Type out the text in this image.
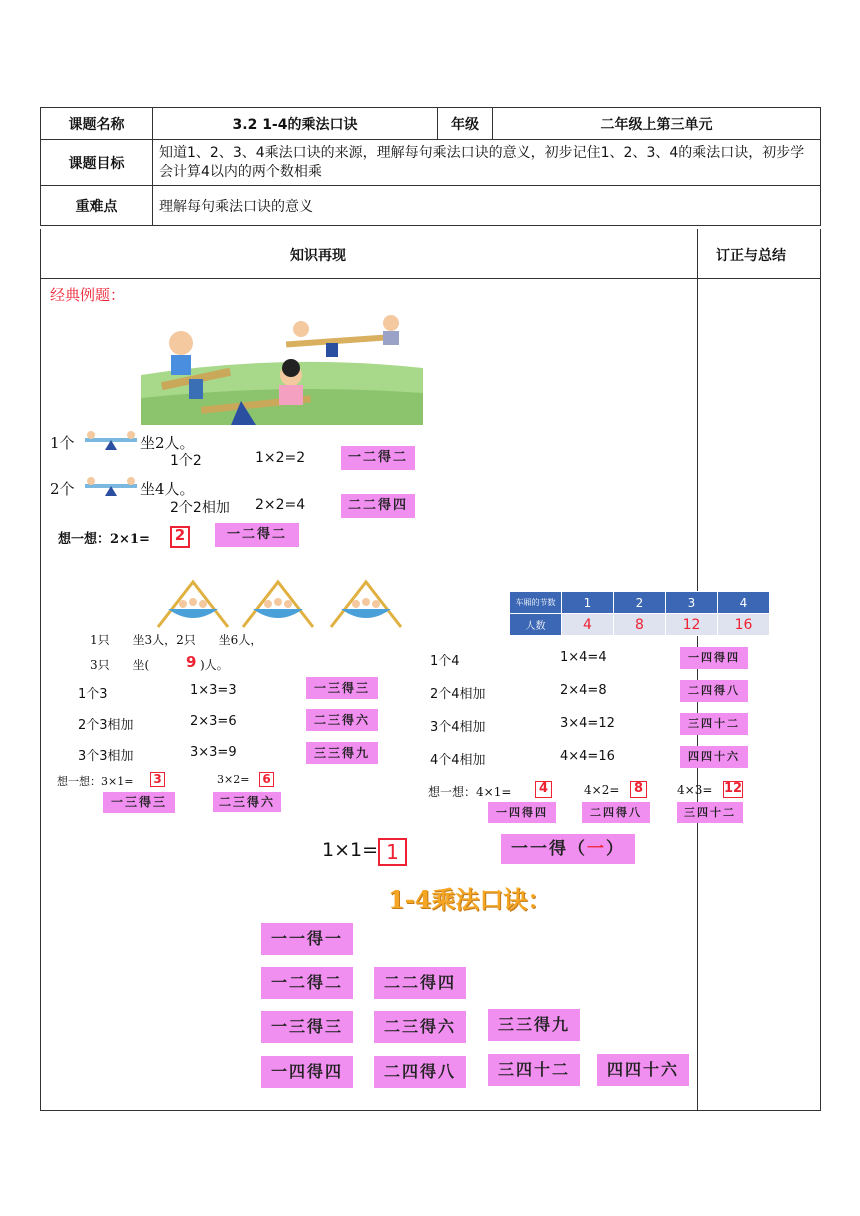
课题名称	3.2 1-4的乘法口诀	年级	二年级上第三单元
课题目标	知道1、2、3、4乘法口诀的来源，理解每句乘法口诀的意义，初步记住1、2、3、4的乘法口诀，初步学会计算4以内的两个数相乘		
重难点	理解每句乘法口诀的意义		
知识再现	订正与总结
经典例题：
1个	坐2人。
1个2	1×2=2	一二得二
2个	坐4人。
2个2相加 2×2=4	二二得四
想一想：2×1=	2	一二得二
1只      坐3人，2只      坐6人，
3只      坐( 9 )人。
1个3	1×3=3	一三得三
2个3相加	2×3=6	二三得六
3个3相加	3×3=9	三三得九
想一想：3×1= 3	3×2= 6
一三得三	二三得六
车厢的节数	1	2	3	4
人数	4	8	12	16
1个4	1×4=4	一四得四
2个4相加	2×4=8	二四得八
3个4相加	3×4=12	三四十二
4个4相加	4×4=16	四四十六
想一想：4×1=	4	4×2=	8	4×3= 12
一四得四	二四得八	三四十二
1×1= 1	一一得（一）
1-4乘法口诀：
一一得一
一二得二	二二得四
一三得三	二三得六	三三得九
一四得四	二四得八	三四十二	四四十六
